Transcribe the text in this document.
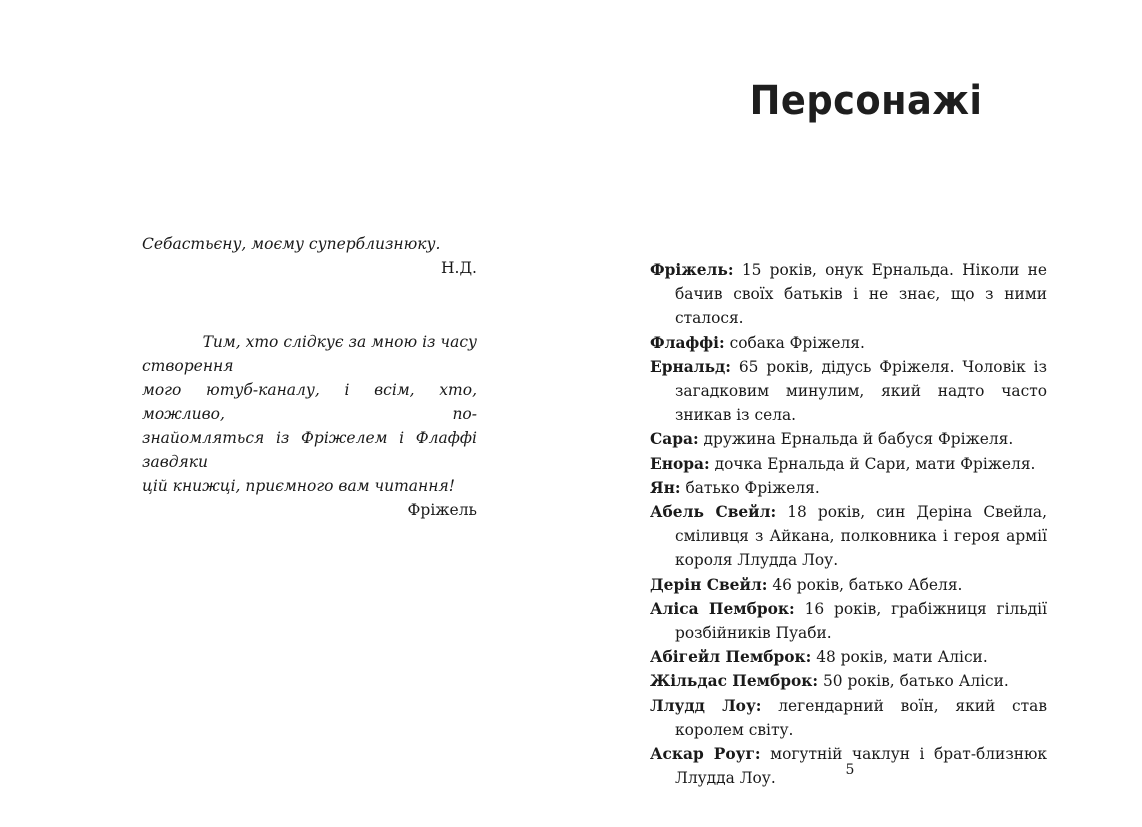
Себастьєну, моєму суперблизнюку.
Н.Д.
Тим, хто слідкує за мною із часу створення
мого ютуб-каналу, і всім, хто, можливо, по-
знайомляться із Фріжелем і Флаффі завдяки
цій книжці, приємного вам читання!
Фріжель
Персонажі

Фріжель: 15 років, онук Ернальда. Ніколи не бачив своїх батьків і не знає, що з ними сталося.

Флаффі: собака Фріжеля.

Ернальд: 65 років, дідусь Фріжеля. Чоловік із загадковим минулим, який надто часто зникав із села.

Сара: дружина Ернальда й бабуся Фріжеля.

Енора: дочка Ернальда й Сари, мати Фріжеля.

Ян: батько Фріжеля.

Абель Свейл: 18 років, син Деріна Свейла, сміливця з Айкана, полковника і героя армії короля Ллудда Лоу.

Дерін Свейл: 46 років, батько Абеля.

Аліса Пемброк: 16 років, грабіжниця гільдії розбійників Пуаби.

Абігейл Пемброк: 48 років, мати Аліси.

Жільдас Пемброк: 50 років, батько Аліси.

Ллудд Лоу: легендарний воїн, який став королем світу.

Аскар Роуг: могутній чаклун і брат-близнюк Ллудда Лоу.	5
